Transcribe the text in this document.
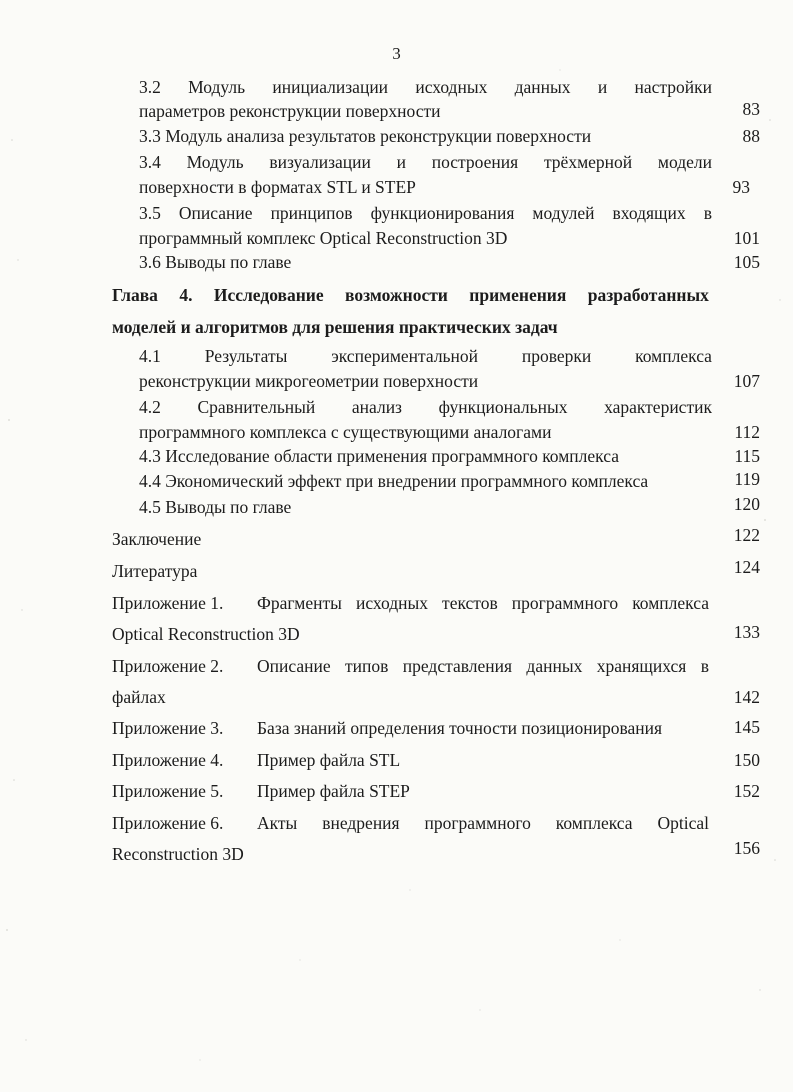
3
3.2 Модуль инициализации исходных данных и настройки
параметров реконструкции поверхности	83
3.3 Модуль анализа результатов реконструкции поверхности	88
3.4 Модуль визуализации и построения трёхмерной модели
поверхности в форматах STL и STEP	93
3.5 Описание принципов функционирования модулей входящих в
программный комплекс Optical Reconstruction 3D	101
3.6 Выводы по главе	105
Глава 4. Исследование возможности применения разработанных
моделей и алгоритмов для решения практических задач
4.1	Результаты	экспериментальной	проверки	комплекса
реконструкции микрогеометрии поверхности	107
4.2 Сравнительный анализ функциональных характеристик
программного комплекса с существующими аналогами	112
4.3 Исследование области применения программного комплекса	115
4.4 Экономический эффект при внедрении программного комплекса	119
4.5 Выводы по главе	120
Заключение	122
Литература	124
Приложение 1. Фрагменты исходных текстов программного комплекса
Optical Reconstruction 3D	133
Приложение 2. Описание типов представления данных хранящихся в
файлах	142
Приложение 3. База знаний определения точности позиционирования	145
Приложение 4. Пример файла STL	150
Приложение 5. Пример файла STEP	152
Приложение 6. Акты внедрения программного комплекса Optical
Reconstruction 3D	156
